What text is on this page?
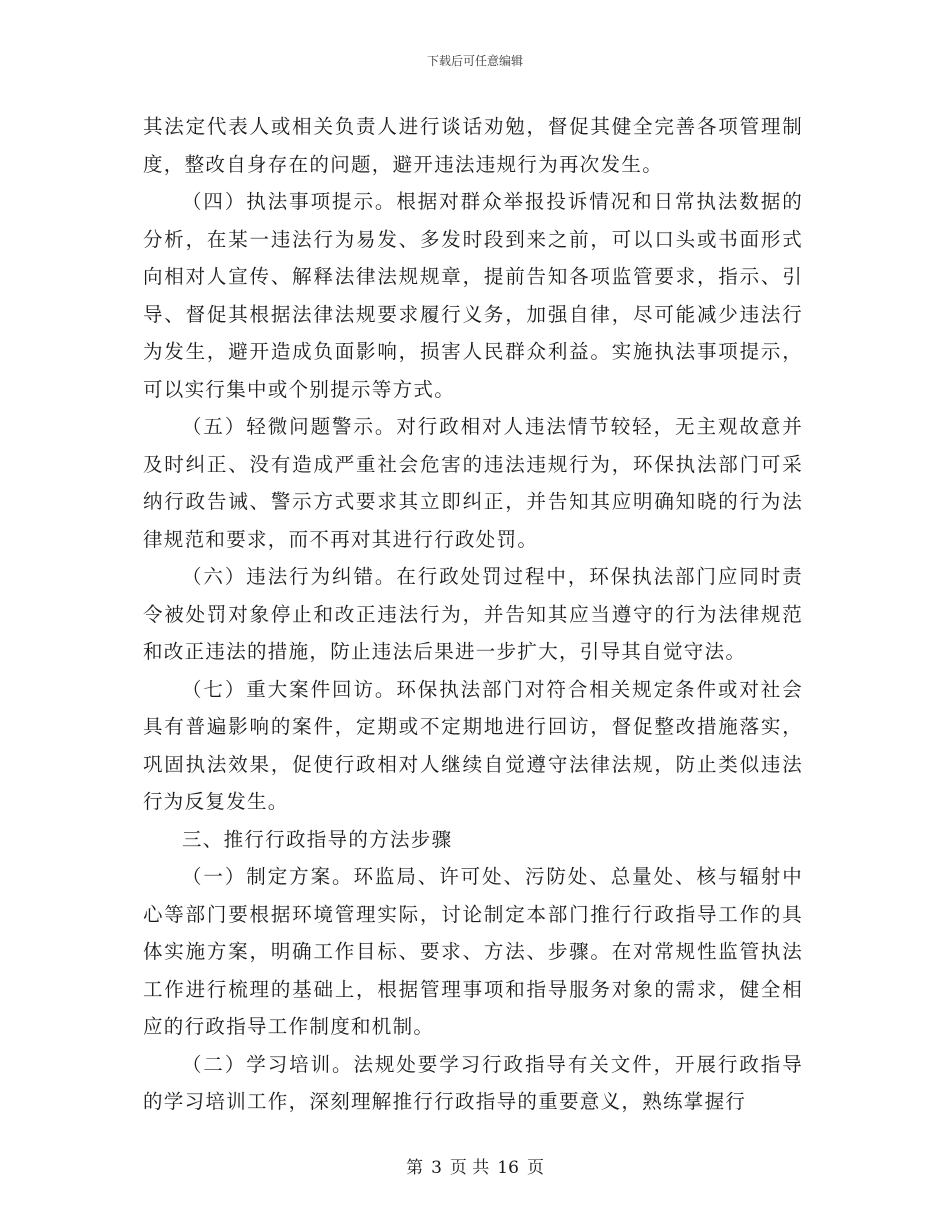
下载后可任意编辑

其法定代表人或相关负责人进行谈话劝勉，督促其健全完善各项管理制度，整改自身存在的问题，避开违法违规行为再次发生。

（四）执法事项提示。根据对群众举报投诉情况和日常执法数据的分析，在某一违法行为易发、多发时段到来之前，可以口头或书面形式向相对人宣传、解释法律法规规章，提前告知各项监管要求，指示、引导、督促其根据法律法规要求履行义务，加强自律，尽可能减少违法行为发生，避开造成负面影响，损害人民群众利益。实施执法事项提示，可以实行集中或个别提示等方式。

（五）轻微问题警示。对行政相对人违法情节较轻，无主观故意并及时纠正、没有造成严重社会危害的违法违规行为，环保执法部门可采纳行政告诫、警示方式要求其立即纠正，并告知其应明确知晓的行为法律规范和要求，而不再对其进行行政处罚。

（六）违法行为纠错。在行政处罚过程中，环保执法部门应同时责令被处罚对象停止和改正违法行为，并告知其应当遵守的行为法律规范和改正违法的措施，防止违法后果进一步扩大，引导其自觉守法。

（七）重大案件回访。环保执法部门对符合相关规定条件或对社会具有普遍影响的案件，定期或不定期地进行回访，督促整改措施落实，巩固执法效果，促使行政相对人继续自觉遵守法律法规，防止类似违法行为反复发生。

三、推行行政指导的方法步骤

（一）制定方案。环监局、许可处、污防处、总量处、核与辐射中心等部门要根据环境管理实际，讨论制定本部门推行行政指导工作的具体实施方案，明确工作目标、要求、方法、步骤。在对常规性监管执法工作进行梳理的基础上，根据管理事项和指导服务对象的需求，健全相应的行政指导工作制度和机制。

（二）学习培训。法规处要学习行政指导有关文件，开展行政指导的学习培训工作，深刻理解推行行政指导的重要意义，熟练掌握行

第 3 页 共 16 页
